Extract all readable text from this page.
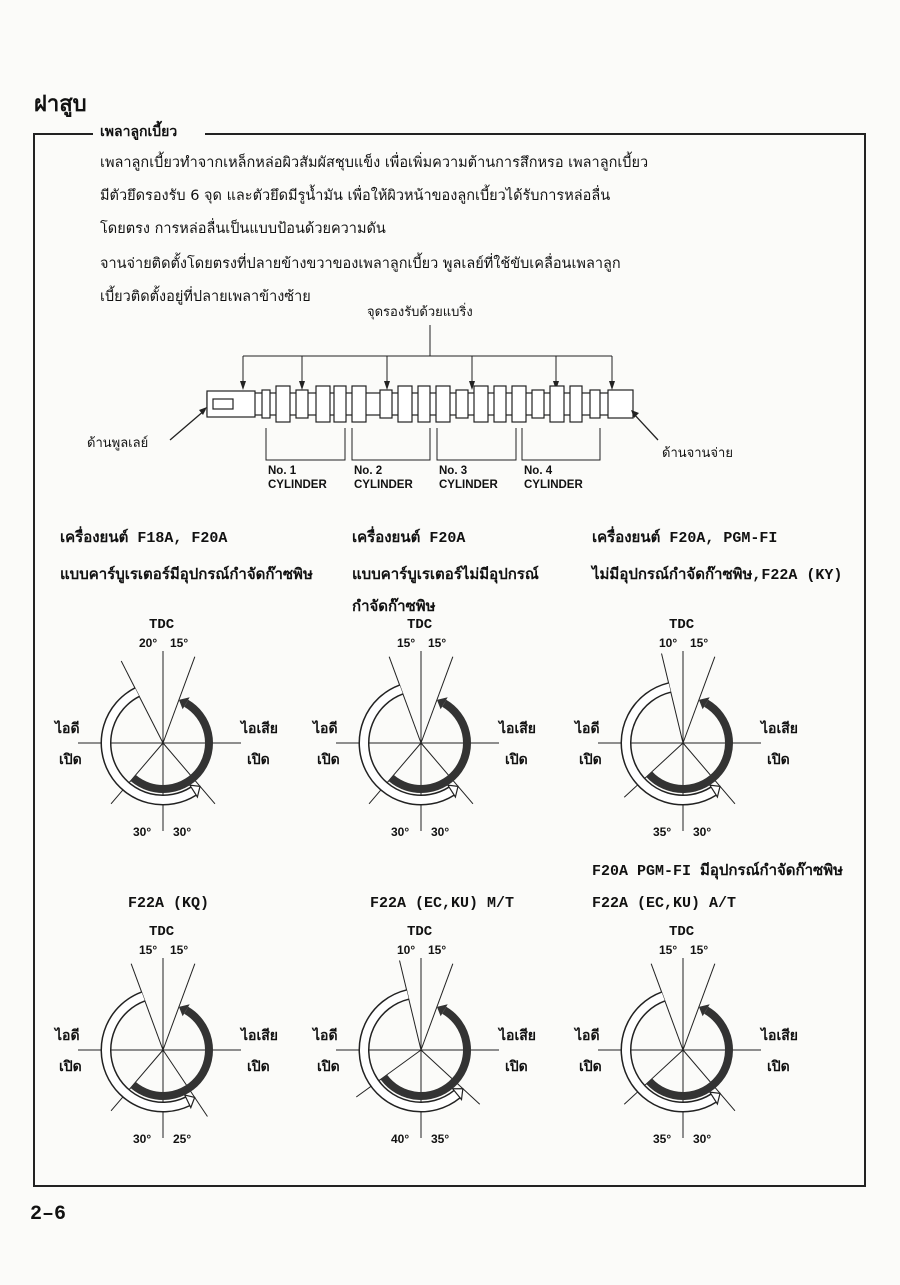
ฝาสูบ
เพลาลูกเบี้ยว
เพลาลูกเบี้ยวทำจากเหล็กหล่อผิวสัมผัสชุบแข็ง เพื่อเพิ่มความต้านการสึกหรอ เพลาลูกเบี้ยว
มีตัวยึดรองรับ 6 จุด และตัวยึดมีรูน้ำมัน เพื่อให้ผิวหน้าของลูกเบี้ยวได้รับการหล่อลื่น
โดยตรง การหล่อลื่นเป็นแบบป้อนด้วยความดัน
จานจ่ายติดตั้งโดยตรงที่ปลายข้างขวาของเพลาลูกเบี้ยว พูลเลย์ที่ใช้ขับเคลื่อนเพลาลูก
เบี้ยวติดตั้งอยู่ที่ปลายเพลาข้างซ้าย
จุดรองรับด้วยแบริ่ง
ด้านพูลเลย์
ด้านจานจ่าย
No. 1
CYLINDER
No. 2
CYLINDER
No. 3
CYLINDER
No. 4
CYLINDER
เครื่องยนต์ F18A, F20A
แบบคาร์บูเรเตอร์มีอุปกรณ์กำจัดก๊าซพิษ
เครื่องยนต์ F20A
แบบคาร์บูเรเตอร์ไม่มีอุปกรณ์
กำจัดก๊าซพิษ
เครื่องยนต์ F20A, PGM-FI
ไม่มีอุปกรณ์กำจัดก๊าซพิษ,F22A (KY)
F22A (KQ)	F22A (EC,KU) M/T
F20A PGM-FI มีอุปกรณ์กำจัดก๊าซพิษ
F22A (EC,KU) A/T
TDC
20° 15°
30° 30°
ไอดี
เปิด
ไอเสีย
เปิด
TDC
15° 15°
30° 30°
ไอดี
เปิด
ไอเสีย
เปิด
TDC
10° 15°
35° 30°
ไอดี
เปิด
ไอเสีย
เปิด
TDC
15° 15°
30° 25°
ไอดี
เปิด
ไอเสีย
เปิด
TDC
10° 15°
40° 35°
ไอดี
เปิด
ไอเสีย
เปิด
TDC
15° 15°
35° 30°
ไอดี
เปิด
ไอเสีย
เปิด
2–6
